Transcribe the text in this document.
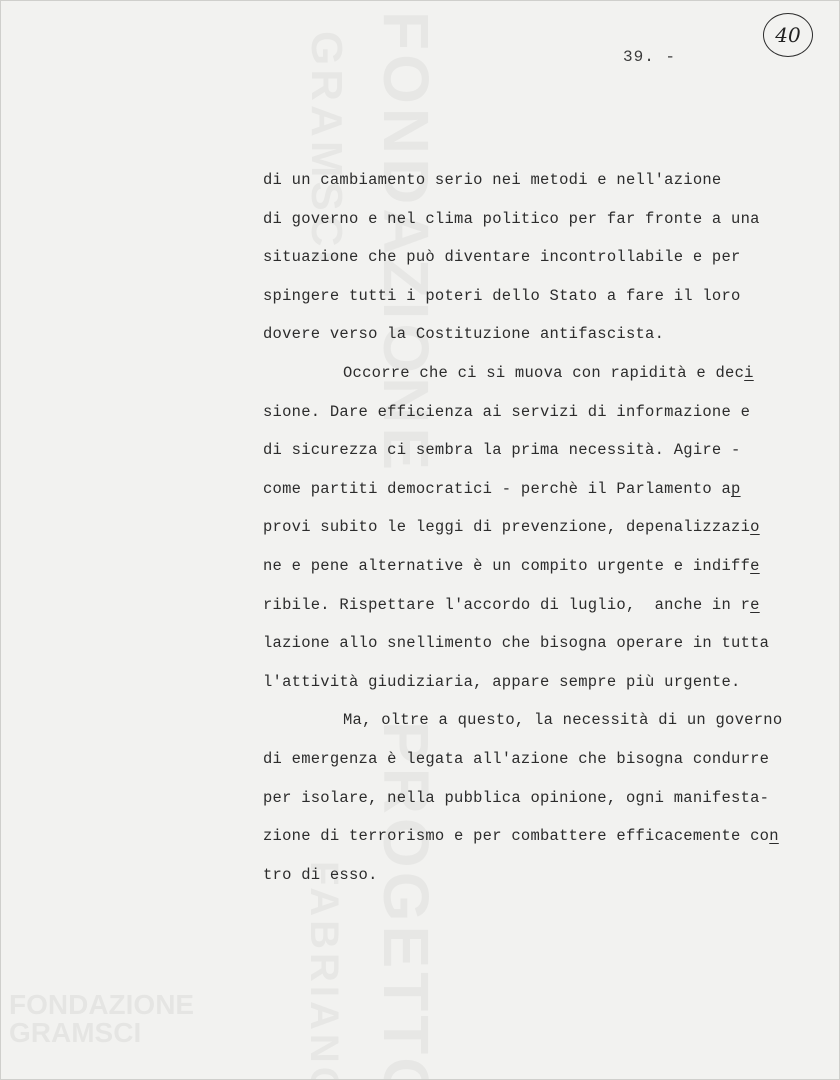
FONDAZIONE
GRAMSCI
39. -
40
di un cambiamento serio nei metodi e nell'azione
di governo e nel clima politico per far fronte a una
situazione che può diventare incontrollabile e per
spingere tutti i poteri dello Stato a fare il loro
dovere verso la Costituzione antifascista.
Occorre che ci si muova con rapidità e deci
sione. Dare efficienza ai servizi di informazione e
di sicurezza ci sembra la prima necessità. Agire -
come partiti democratici - perchè il Parlamento ap
provi subito le leggi di prevenzione, depenalizzazio
ne e pene alternative è un compito urgente e indiffe
ribile. Rispettare l'accordo di luglio,  anche in re
lazione allo snellimento che bisogna operare in tutta
l'attività giudiziaria, appare sempre più urgente.
Ma, oltre a questo, la necessità di un governo
di emergenza è legata all'azione che bisogna condurre
per isolare, nella pubblica opinione, ogni manifesta-
zione di terrorismo e per combattere efficacemente con
tro di esso.
